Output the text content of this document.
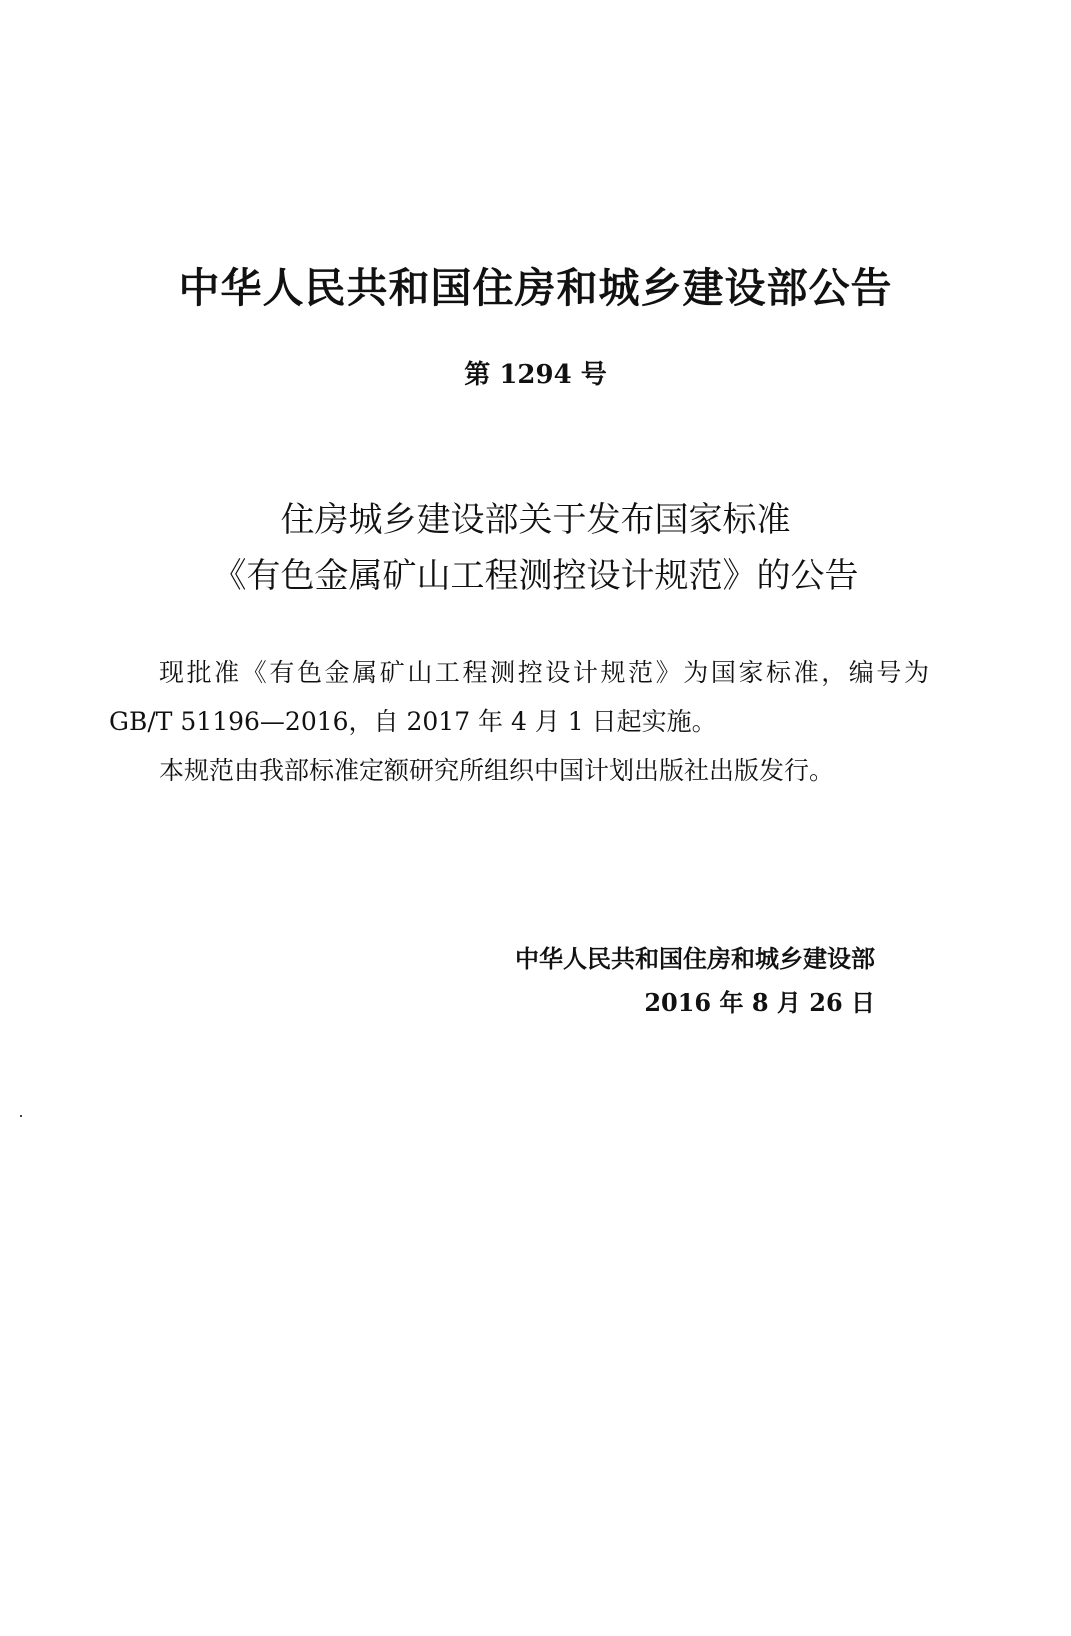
中华人民共和国住房和城乡建设部公告
第 1294 号
住房城乡建设部关于发布国家标准
《有色金属矿山工程测控设计规范》的公告

现批准《有色金属矿山工程测控设计规范》为国家标准，编号为 GB/T 51196—2016，自 2017 年 4 月 1 日起实施。

本规范由我部标准定额研究所组织中国计划出版社出版发行。

中华人民共和国住房和城乡建设部
2016 年 8 月 26 日
